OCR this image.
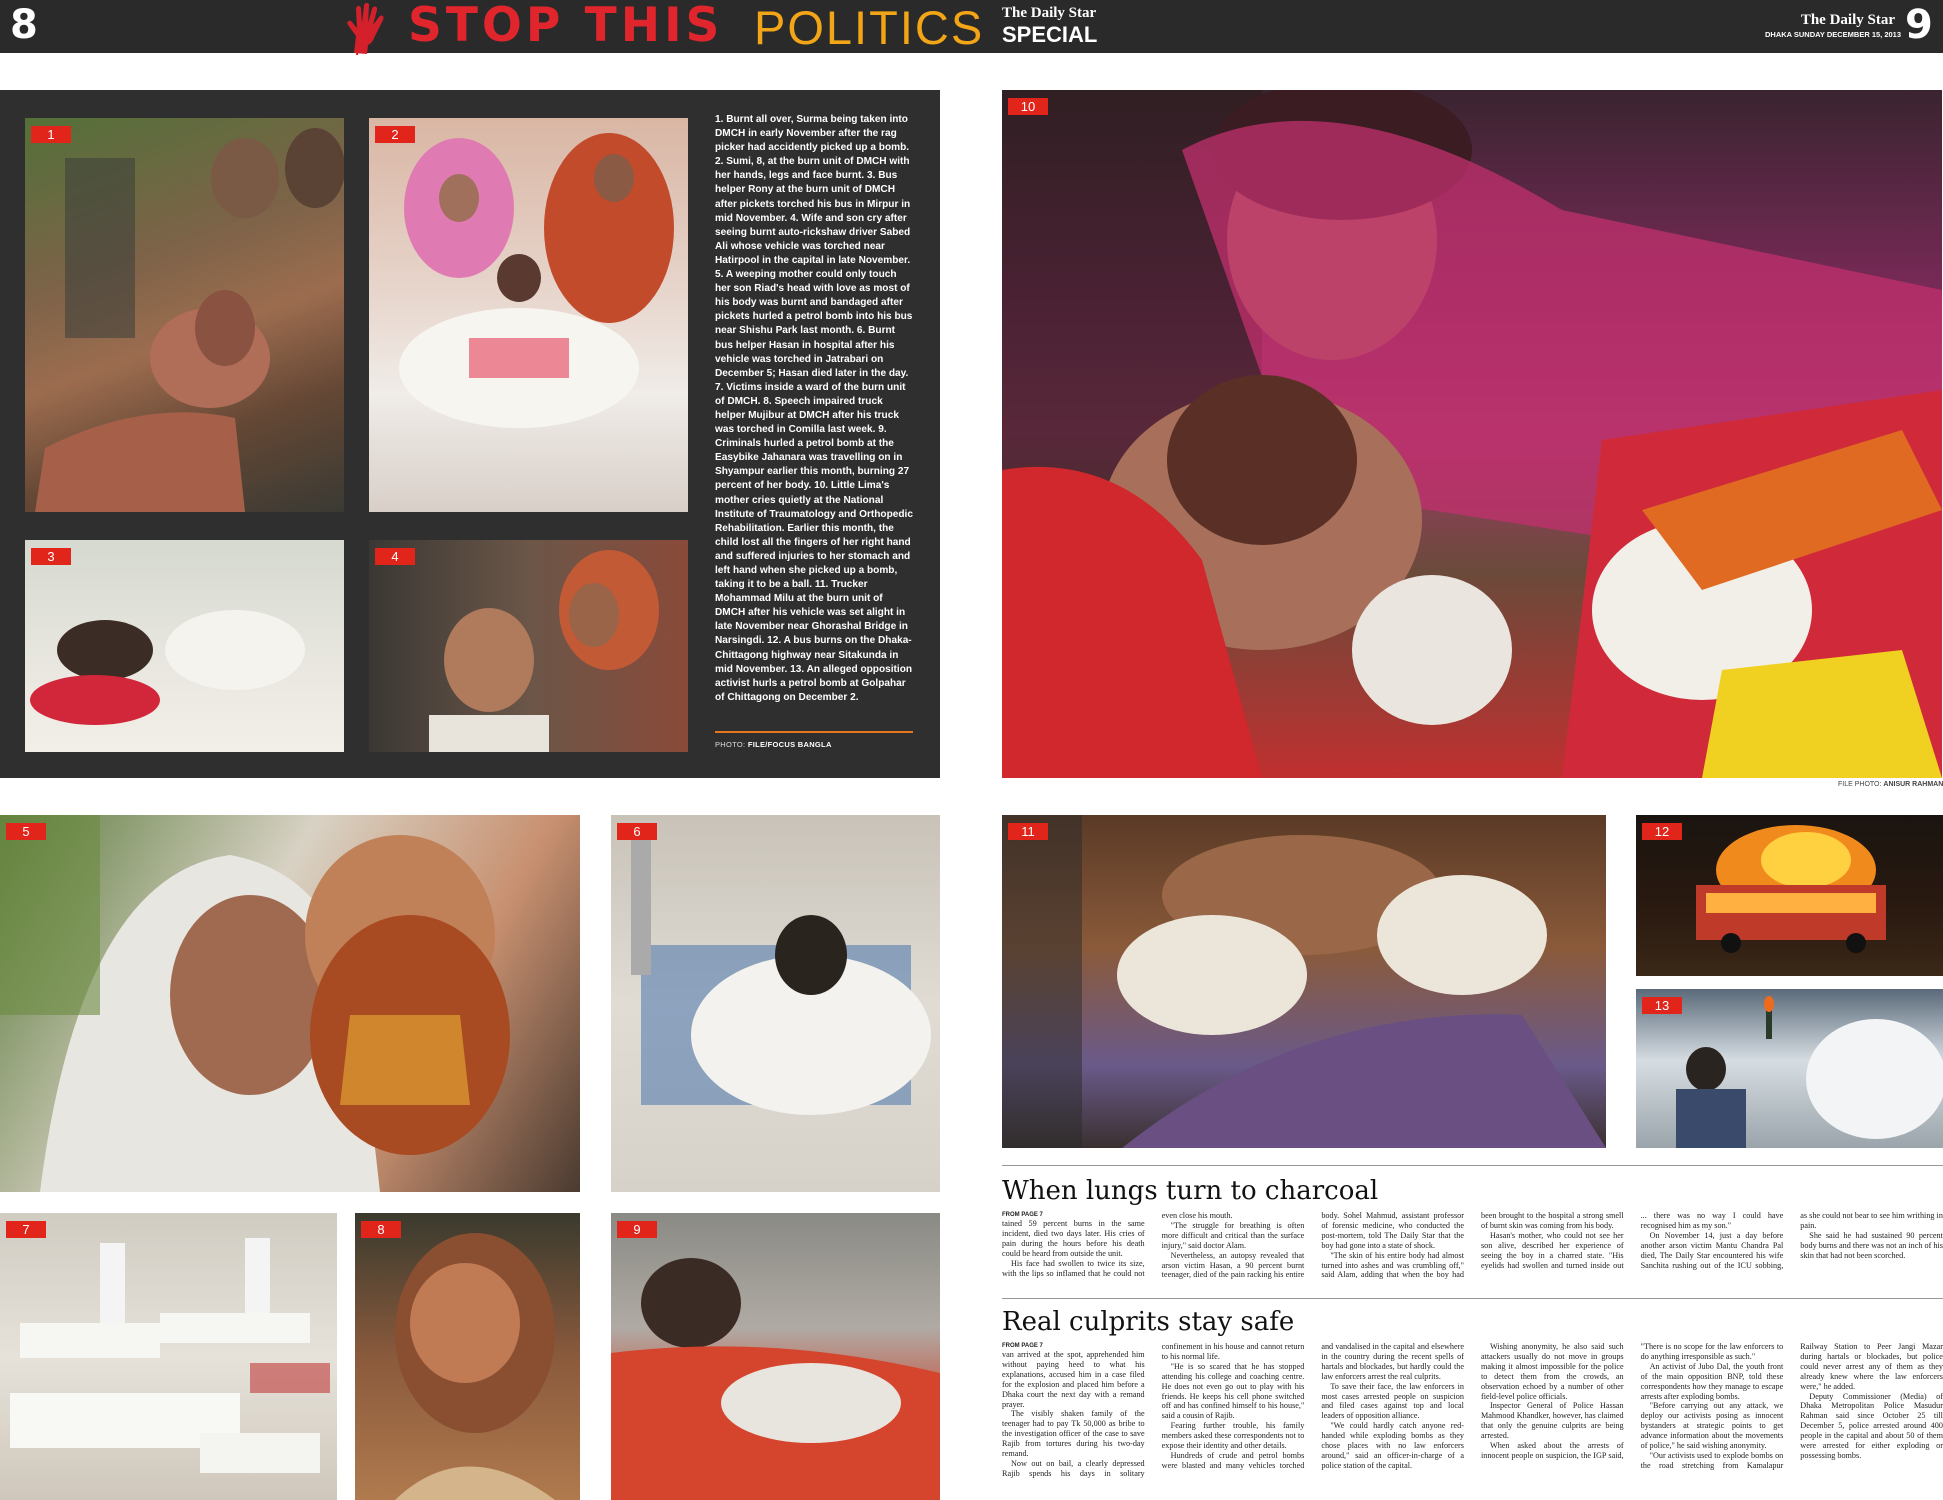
8	STOP THIS POLITICS The Daily Star
SPECIAL
The Daily Star
DHAKA SUNDAY DECEMBER 15, 2013 9
1	2
3	4
1. Burnt all over, Surma being taken into DMCH in early November after the rag picker had accidently picked up a bomb. 2. Sumi, 8, at the burn unit of DMCH with her hands, legs and face burnt. 3. Bus helper Rony at the burn unit of DMCH after pickets torched his bus in Mirpur in mid November. 4. Wife and son cry after seeing burnt auto-rickshaw driver Sabed Ali whose vehicle was torched near Hatirpool in the capital in late November. 5. A weeping mother could only touch her son Riad's head with love as most of his body was burnt and bandaged after pickets hurled a petrol bomb into his bus near Shishu Park last month. 6. Burnt bus helper Hasan in hospital after his vehicle was torched in Jatrabari on December 5; Hasan died later in the day. 7. Victims inside a ward of the burn unit of DMCH. 8. Speech impaired truck helper Mujibur at DMCH after his truck was torched in Comilla last week. 9. Criminals hurled a petrol bomb at the Easybike Jahanara was travelling on in Shyampur earlier this month, burning 27 percent of her body. 10. Little Lima's mother cries quietly at the National Institute of Traumatology and Orthopedic Rehabilitation. Earlier this month, the child lost all the fingers of her right hand and suffered injuries to her stomach and left hand when she picked up a bomb, taking it to be a ball. 11. Trucker Mohammad Milu at the burn unit of DMCH after his vehicle was set alight in late November near Ghorashal Bridge in Narsingdi. 12. A bus burns on the Dhaka-Chittagong highway near Sitakunda in mid November. 13. An alleged opposition activist hurls a petrol bomb at Golpahar of Chittagong on December 2.
PHOTO: FILE/FOCUS BANGLA
10
FILE PHOTO: ANISUR RAHMAN
5	6
7	8	9
11	12
13
When lungs turn to charcoal
FROM PAGE 7

tained 59 percent burns in the same incident, died two days later. His cries of pain during the hours before his death could be heard from outside the unit.

His face had swollen to twice its size, with the lips so inflamed that he could not even close his mouth.

"The struggle for breathing is often more difficult and critical than the surface injury," said doctor Alam.

Nevertheless, an autopsy revealed that arson victim Hasan, a 90 percent burnt teenager, died of the pain racking his entire body. Sohel Mahmud, assistant professor of forensic medicine, who conducted the post-mortem, told The Daily Star that the boy had gone into a state of shock.

"The skin of his entire body had almost turned into ashes and was crumbling off," said Alam, adding that when the boy had been brought to the hospital a strong smell of burnt skin was coming from his body.

Hasan's mother, who could not see her son alive, described her experience of seeing the boy in a charred state. "His eyelids had swollen and turned inside out ... there was no way I could have recognised him as my son."

On November 14, just a day before another arson victim Mantu Chandra Pal died, The Daily Star encountered his wife Sanchita rushing out of the ICU sobbing, as she could not bear to see him writhing in pain.

She said he had sustained 90 percent body burns and there was not an inch of his skin that had not been scorched.

Real culprits stay safe
FROM PAGE 7

van arrived at the spot, apprehended him without paying heed to what his explanations, accused him in a case filed for the explosion and placed him before a Dhaka court the next day with a remand prayer.

The visibly shaken family of the teenager had to pay Tk 50,000 as bribe to the investigation officer of the case to save Rajib from tortures during his two-day remand.

Now out on bail, a clearly depressed Rajib spends his days in solitary confinement in his house and cannot return to his normal life.

"He is so scared that he has stopped attending his college and coaching centre. He does not even go out to play with his friends. He keeps his cell phone switched off and has confined himself to his house," said a cousin of Rajib.

Fearing further trouble, his family members asked these correspondents not to expose their identity and other details.

Hundreds of crude and petrol bombs were blasted and many vehicles torched and vandalised in the capital and elsewhere in the country during the recent spells of hartals and blockades, but hardly could the law enforcers arrest the real culprits.

To save their face, the law enforcers in most cases arrested people on suspicion and filed cases against top and local leaders of opposition alliance.

"We could hardly catch anyone red-handed while exploding bombs as they chose places with no law enforcers around," said an officer-in-charge of a police station of the capital.

Wishing anonymity, he also said such attackers usually do not move in groups making it almost impossible for the police to detect them from the crowds, an observation echoed by a number of other field-level police officials.

Inspector General of Police Hassan Mahmood Khandker, however, has claimed that only the genuine culprits are being arrested.

When asked about the arrests of innocent people on suspicion, the IGP said, "There is no scope for the law enforcers to do anything irresponsible as such."

An activist of Jubo Dal, the youth front of the main opposition BNP, told these correspondents how they manage to escape arrests after exploding bombs.

"Before carrying out any attack, we deploy our activists posing as innocent bystanders at strategic points to get advance information about the movements of police," he said wishing anonymity.

"Our activists used to explode bombs on the road stretching from Kamalapur Railway Station to Peer Jangi Mazar during hartals or blockades, but police could never arrest any of them as they already knew where the law enforcers were," he added.

Deputy Commissioner (Media) of Dhaka Metropolitan Police Masudur Rahman said since October 25 till December 5, police arrested around 400 people in the capital and about 50 of them were arrested for either exploding or possessing bombs.
